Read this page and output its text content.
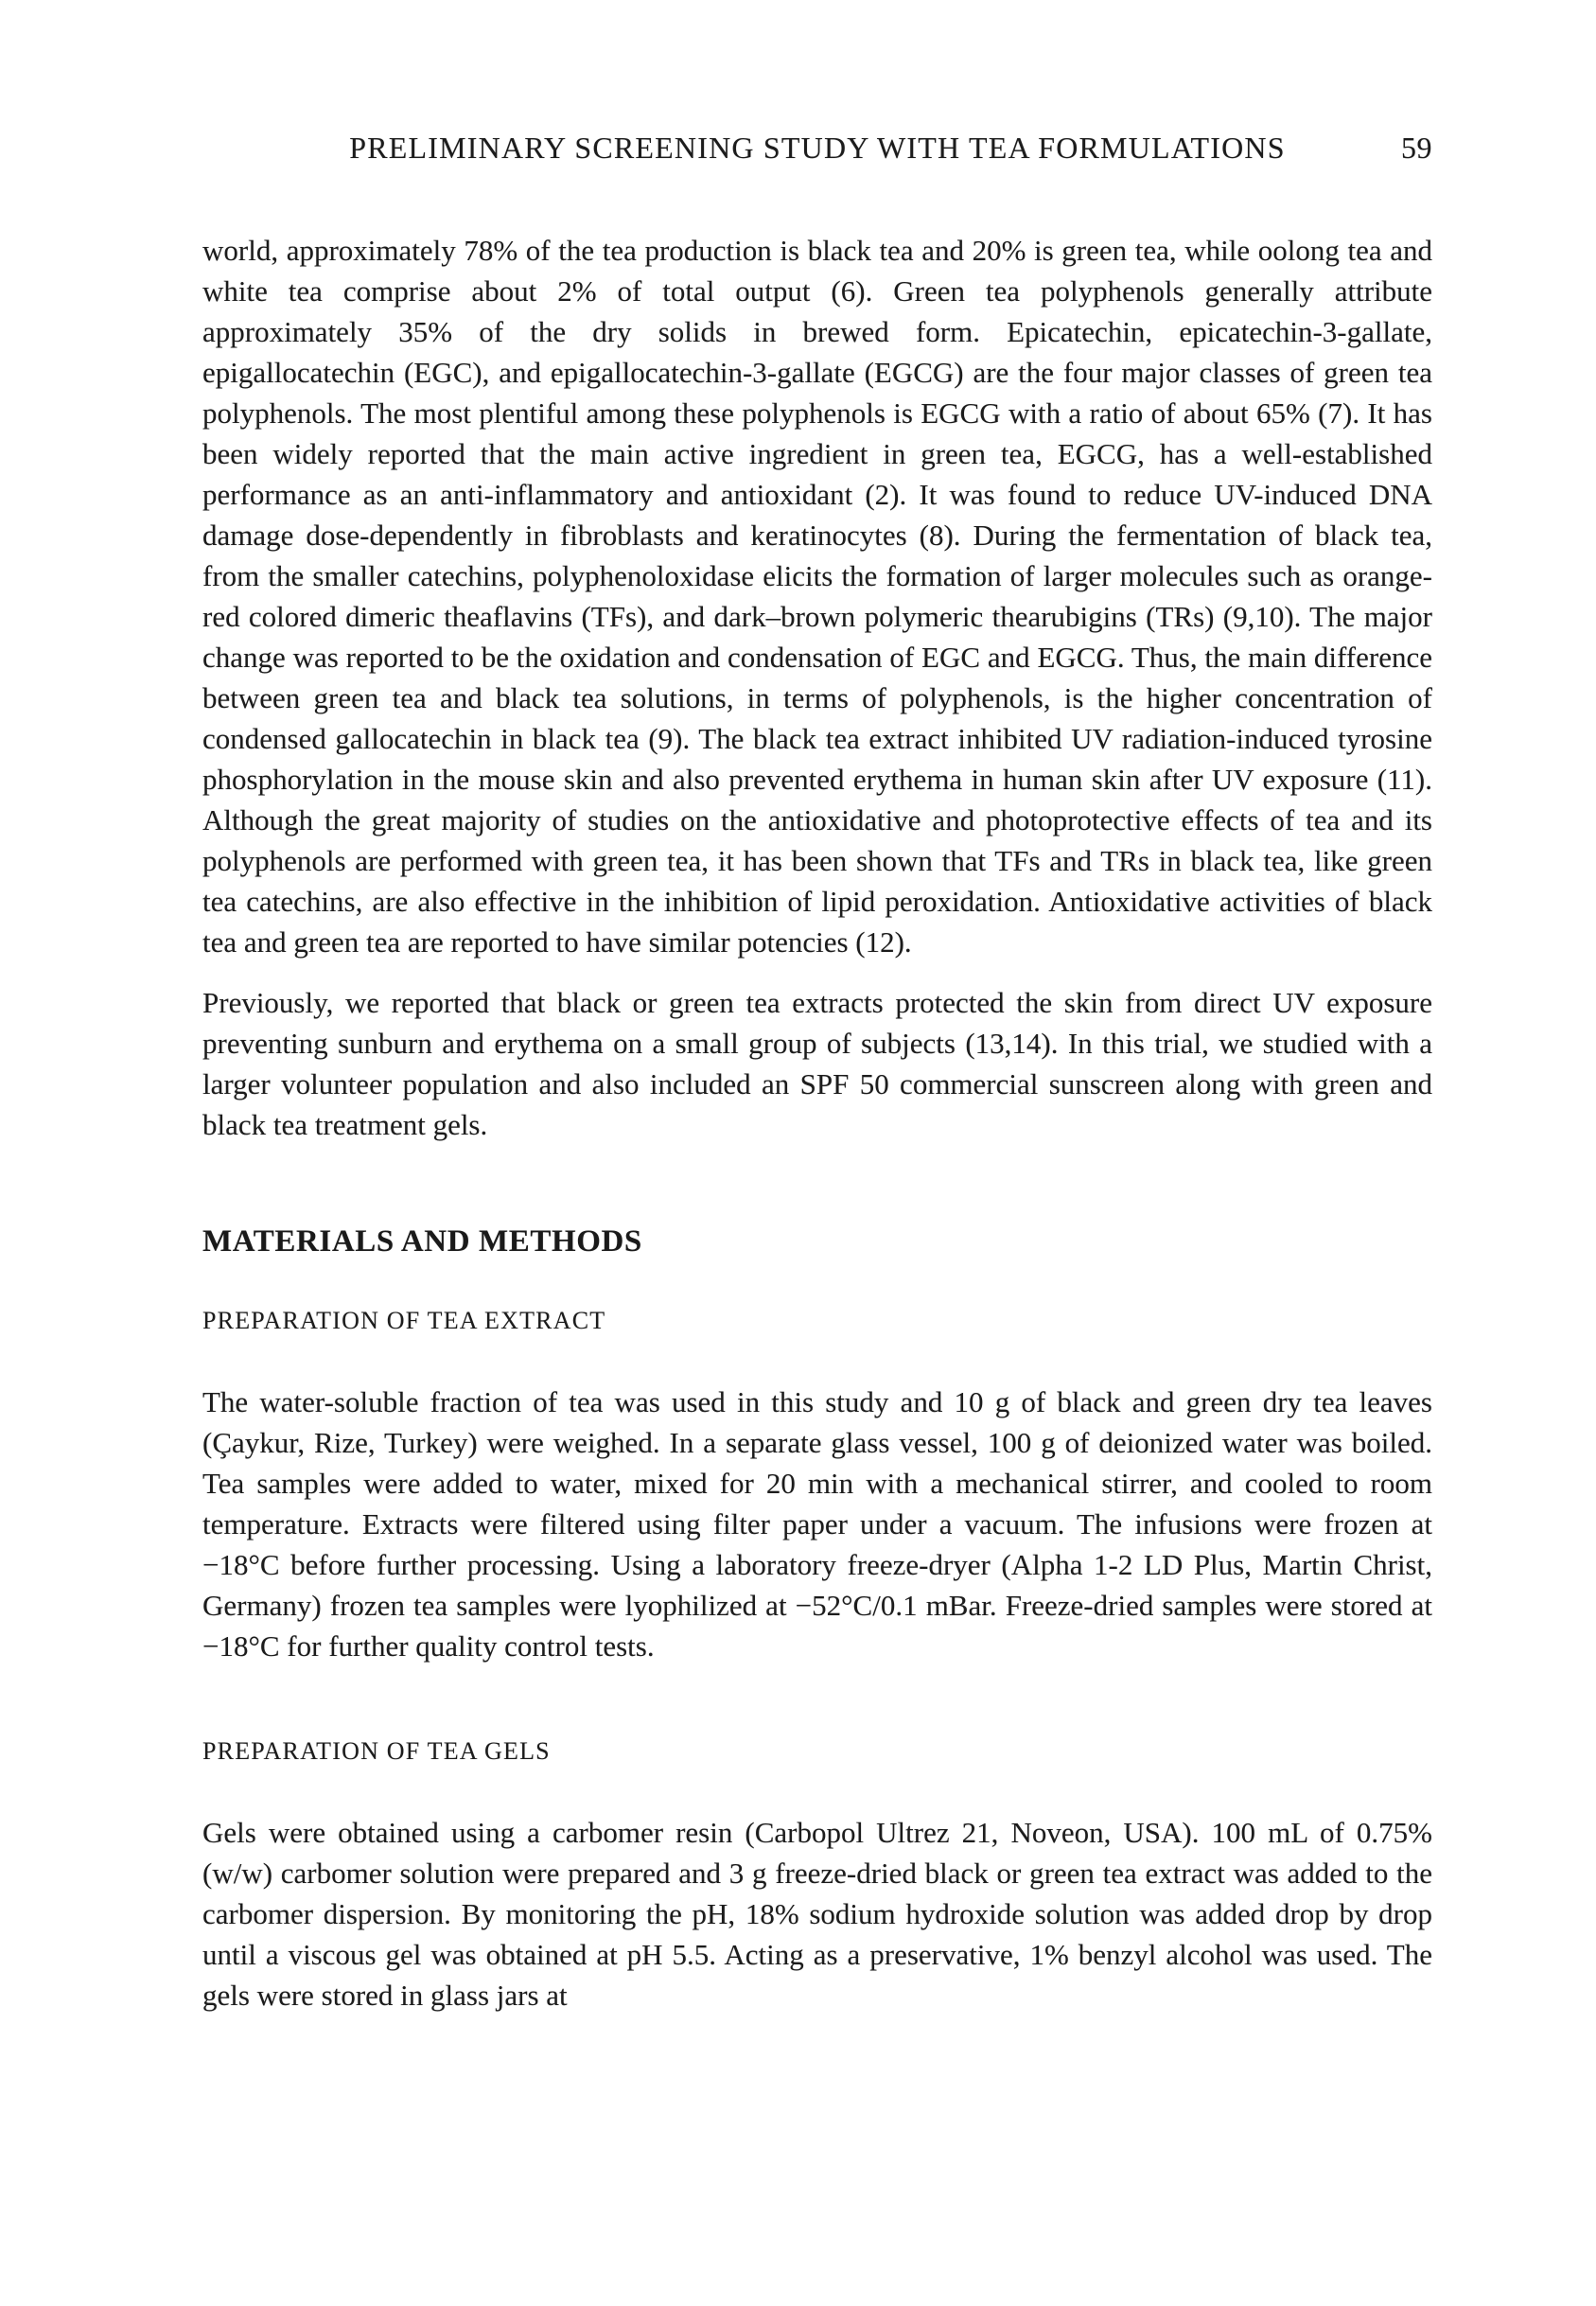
PRELIMINARY SCREENING STUDY WITH TEA FORMULATIONS	59

world, approximately 78% of the tea production is black tea and 20% is green tea, while oolong tea and white tea comprise about 2% of total output (6). Green tea polyphenols generally attribute approximately 35% of the dry solids in brewed form. Epicatechin, epicatechin-3-gallate, epigallocatechin (EGC), and epigallocatechin-3-gallate (EGCG) are the four major classes of green tea polyphenols. The most plentiful among these polyphenols is EGCG with a ratio of about 65% (7). It has been widely reported that the main active ingredient in green tea, EGCG, has a well-established performance as an anti-inflammatory and antioxidant (2). It was found to reduce UV-induced DNA damage dose-dependently in fibroblasts and keratinocytes (8). During the fermentation of black tea, from the smaller catechins, polyphenoloxidase elicits the formation of larger molecules such as orange-red colored dimeric theaflavins (TFs), and dark–brown polymeric thearubigins (TRs) (9,10). The major change was reported to be the oxidation and condensation of EGC and EGCG. Thus, the main difference between green tea and black tea solutions, in terms of polyphenols, is the higher concentration of condensed gallocatechin in black tea (9). The black tea extract inhibited UV radiation-induced tyrosine phosphorylation in the mouse skin and also prevented erythema in human skin after UV exposure (11). Although the great majority of studies on the antioxidative and photoprotective effects of tea and its polyphenols are performed with green tea, it has been shown that TFs and TRs in black tea, like green tea catechins, are also effective in the inhibition of lipid peroxidation. Antioxidative activities of black tea and green tea are reported to have similar potencies (12).

Previously, we reported that black or green tea extracts protected the skin from direct UV exposure preventing sunburn and erythema on a small group of subjects (13,14). In this trial, we studied with a larger volunteer population and also included an SPF 50 commercial sunscreen along with green and black tea treatment gels.

MATERIALS AND METHODS
PREPARATION OF TEA EXTRACT

The water-soluble fraction of tea was used in this study and 10 g of black and green dry tea leaves (Çaykur, Rize, Turkey) were weighed. In a separate glass vessel, 100 g of deionized water was boiled. Tea samples were added to water, mixed for 20 min with a mechanical stirrer, and cooled to room temperature. Extracts were filtered using filter paper under a vacuum. The infusions were frozen at −18°C before further processing. Using a laboratory freeze-dryer (Alpha 1-2 LD Plus, Martin Christ, Germany) frozen tea samples were lyophilized at −52°C/0.1 mBar. Freeze-dried samples were stored at −18°C for further quality control tests.

PREPARATION OF TEA GELS

Gels were obtained using a carbomer resin (Carbopol Ultrez 21, Noveon, USA). 100 mL of 0.75% (w/w) carbomer solution were prepared and 3 g freeze-dried black or green tea extract was added to the carbomer dispersion. By monitoring the pH, 18% sodium hydroxide solution was added drop by drop until a viscous gel was obtained at pH 5.5. Acting as a preservative, 1% benzyl alcohol was used. The gels were stored in glass jars at
